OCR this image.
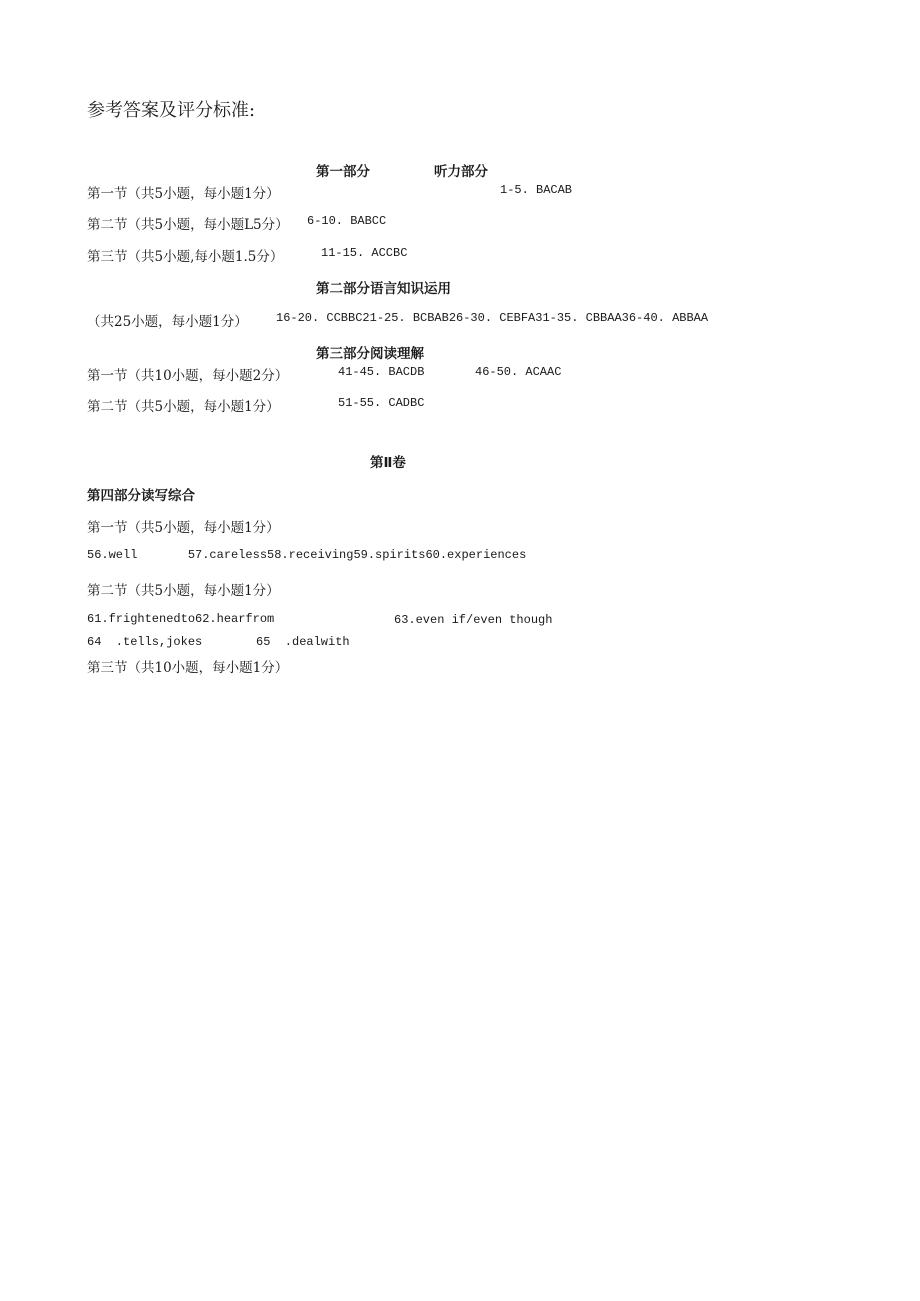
参考答案及评分标准:
第一部分	听力部分
第一节（共5小题，每小题1分）	1-5. BACAB
第二节（共5小题，每小题L5分） 6-10. BABCC
第三节（共5小题,每小题1.5分）	11-15. ACCBC
第二部分语言知识运用
（共25小题，每小题1分） 16-20. CCBBC21-25. BCBAB26-30. CEBFA31-35. CBBAA36-40. ABBAA
第三部分阅读理解
第一节（共10小题，每小题2分）	41-45. BACDB	46-50. ACAAC
第二节（共5小题，每小题1分）	51-55. CADBC
第Ⅱ卷
第四部分读写综合
第一节（共5小题，每小题1分）
56.well       57.careless58.receiving59.spirits60.experiences
第二节（共5小题，每小题1分）
61.frightenedto62.hearfrom	63.even if/even though
64  .tells,jokes	65  .dealwith
第三节（共10小题，每小题1分）
